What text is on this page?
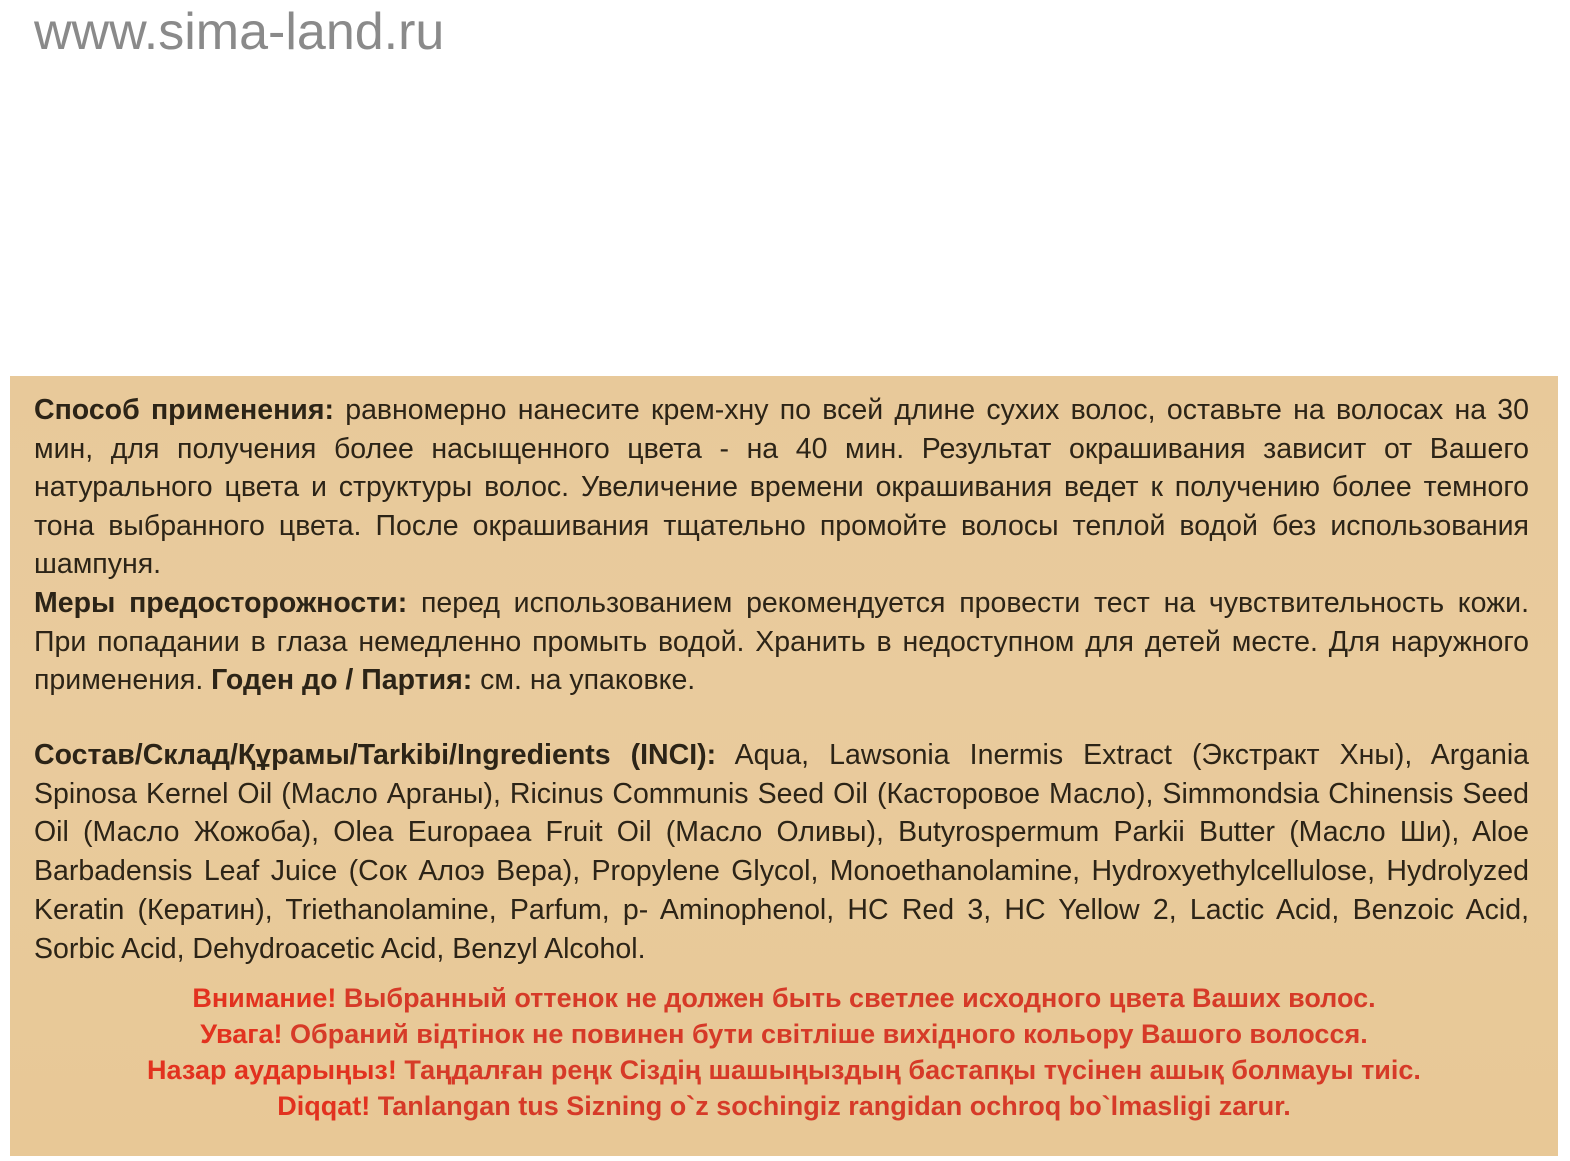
www.sima-land.ru
Способ применения: равномерно нанесите крем-хну по всей длине сухих волос, оставьте на волосах на 30 мин, для получения более насыщенного цвета - на 40 мин. Результат окрашивания зависит от Вашего натурального цвета и структуры волос. Увеличение времени окрашивания ведет к получению более темного тона выбранного цвета. После окрашивания тщательно промойте волосы теплой водой без использования шампуня.
Меры предосторожности: перед использованием рекомендуется провести тест на чувствительность кожи. При попадании в глаза немедленно промыть водой. Хранить в недоступном для детей месте. Для наружного применения. Годен до / Партия: см. на упаковке.
Состав/Склад/Құрамы/Tarkibi/Ingredients (INCI): Aqua, Lawsonia Inermis Extract (Экстракт Хны), Argania Spinosa Kernel Oil (Масло Арганы), Ricinus Communis Seed Oil (Касторовое Масло), Simmondsia Chinensis Seed Oil (Масло Жожоба), Olea Europaea Fruit Oil (Масло Оливы), Butyrospermum Parkii Butter (Масло Ши), Aloe Barbadensis Leaf Juice (Сок Алоэ Вера), Propylene Glycol, Monoethanolamine, Hydroxyethylcellulose, Hydrolyzed Keratin (Кератин), Triethanolamine, Parfum, p- Aminophenol, HC Red 3, HC Yellow 2, Lactic Acid, Benzoic Acid, Sorbic Acid, Dehydroacetic Acid, Benzyl Alcohol.
Внимание! Выбранный оттенок не должен быть светлее исходного цвета Ваших волос.
Увага! Обраний відтінок не повинен бути світліше вихідного кольору Вашого волосся.
Назар аударыңыз! Таңдалған реңк Сіздің шашыңыздың бастапқы түсінен ашық болмауы тиіс.
Diqqat! Tanlangan tus Sizning o`z sochingiz rangidan ochroq bo`lmasligi zarur.
